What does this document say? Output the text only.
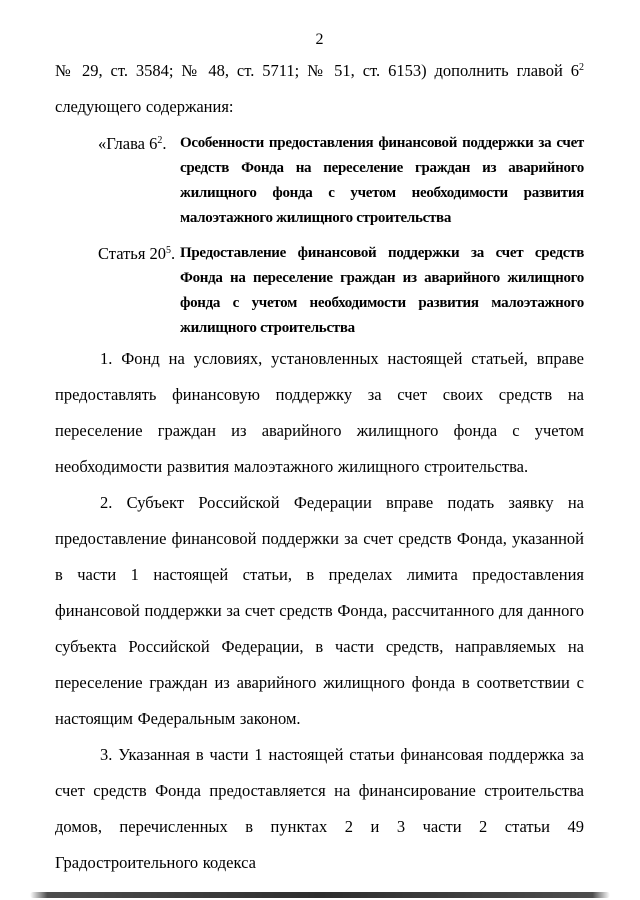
2

№ 29, ст. 3584; № 48, ст. 5711; № 51, ст. 6153) дополнить главой $6^2$ следующего содержания:

«Глава $6^2$. Особенности предоставления финансовой поддержки за счет средств Фонда на переселение граждан из аварийного жилищного фонда с учетом необходимости развития малоэтажного жилищного строительства
Статья $20^5$. Предоставление финансовой поддержки за счет средств Фонда на переселение граждан из аварийного жилищного фонда с учетом необходимости развития малоэтажного жилищного строительства

1. Фонд на условиях, установленных настоящей статьей, вправе предоставлять финансовую поддержку за счет своих средств на переселение граждан из аварийного жилищного фонда с учетом необходимости развития малоэтажного жилищного строительства.

2. Субъект Российской Федерации вправе подать заявку на предоставление финансовой поддержки за счет средств Фонда, указанной в части 1 настоящей статьи, в пределах лимита предоставления финансовой поддержки за счет средств Фонда, рассчитанного для данного субъекта Российской Федерации, в части средств, направляемых на переселение граждан из аварийного жилищного фонда в соответствии с настоящим Федеральным законом.

3. Указанная в части 1 настоящей статьи финансовая поддержка за счет средств Фонда предоставляется на финансирование строительства домов, перечисленных в пунктах 2 и 3 части 2 статьи 49 Градостроительного кодекса
